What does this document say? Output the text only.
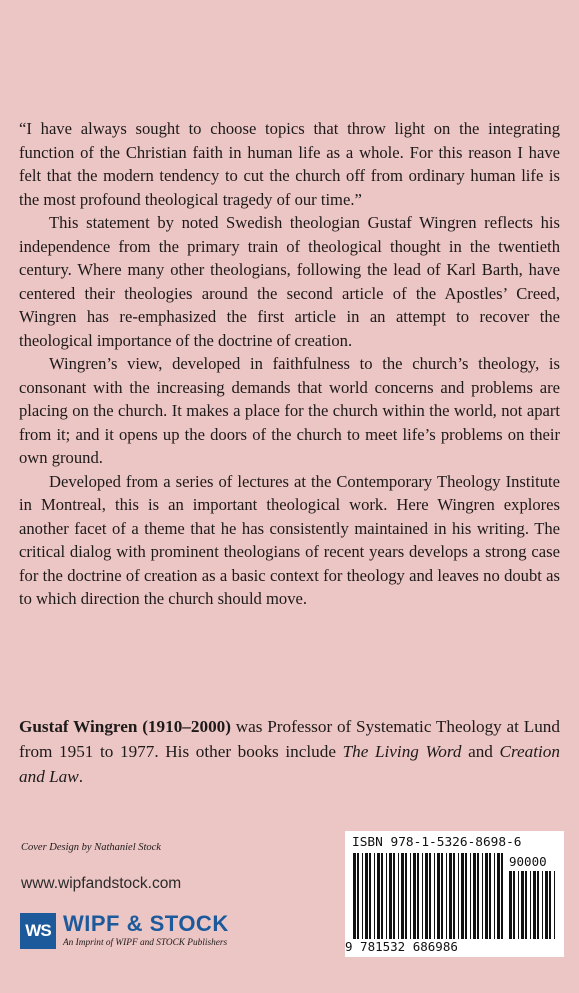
“I have always sought to choose topics that throw light on the integrating function of the Christian faith in human life as a whole. For this reason I have felt that the modern tendency to cut the church off from ordinary human life is the most profound theological tragedy of our time.”

This statement by noted Swedish theologian Gustaf Wingren reflects his independence from the primary train of theological thought in the twentieth century. Where many other theologians, following the lead of Karl Barth, have centered their theologies around the second article of the Apostles’ Creed, Wingren has re-emphasized the first article in an attempt to recover the theological importance of the doctrine of creation.

Wingren’s view, developed in faithfulness to the church’s theology, is consonant with the increasing demands that world concerns and problems are placing on the church. It makes a place for the church within the world, not apart from it; and it opens up the doors of the church to meet life’s problems on their own ground.

Developed from a series of lectures at the Contemporary Theology Institute in Montreal, this is an important theological work. Here Wingren explores another facet of a theme that he has consistently maintained in his writing. The critical dialog with prominent theologians of recent years develops a strong case for the doctrine of creation as a basic context for theology and leaves no doubt as to which direction the church should move.

Gustaf Wingren (1910–2000) was Professor of Systematic Theology at Lund from 1951 to 1977. His other books include The Living Word and Creation and Law.
Cover Design by Nathaniel Stock
www.wipfandstock.com
WS WIPF & STOCK
An Imprint of WIPF and STOCK Publishers
ISBN 978-1-5326-8698-6
90000
9 781532 686986
